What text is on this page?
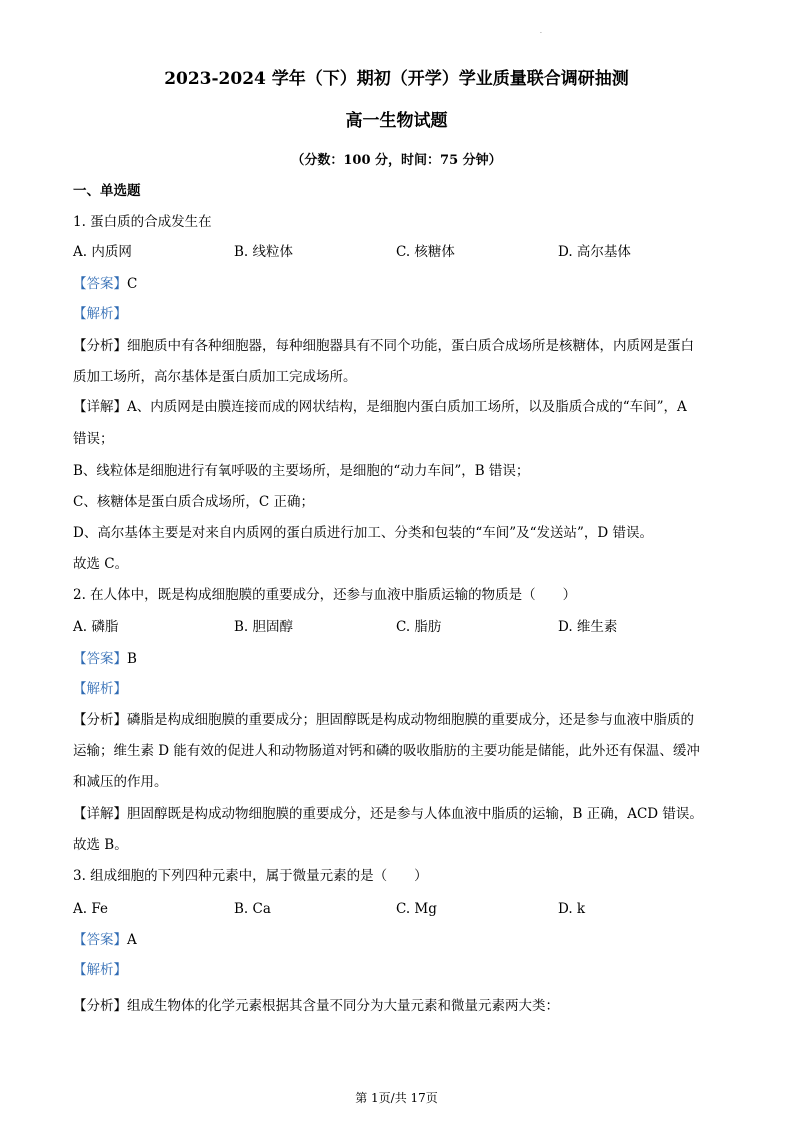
·
2023-2024 学年（下）期初（开学）学业质量联合调研抽测
高一生物试题
（分数：100 分，时间：75 分钟）
一、单选题
1. 蛋白质的合成发生在
A. 内质网	B. 线粒体	C. 核糖体	D. 高尔基体
【答案】C
【解析】
【分析】细胞质中有各种细胞器，每种细胞器具有不同个功能，蛋白质合成场所是核糖体，内质网是蛋白
质加工场所，高尔基体是蛋白质加工完成场所。
【详解】A、内质网是由膜连接而成的网状结构，是细胞内蛋白质加工场所，以及脂质合成的“车间”，A
错误；
B、线粒体是细胞进行有氧呼吸的主要场所，是细胞的“动力车间”，B 错误；
C、核糖体是蛋白质合成场所，C 正确；
D、高尔基体主要是对来自内质网的蛋白质进行加工、分类和包装的“车间”及“发送站”，D 错误。
故选 C。
2. 在人体中，既是构成细胞膜的重要成分，还参与血液中脂质运输的物质是（　　）
A. 磷脂	B. 胆固醇	C. 脂肪	D. 维生素
【答案】B
【解析】
【分析】磷脂是构成细胞膜的重要成分；胆固醇既是构成动物细胞膜的重要成分，还是参与血液中脂质的
运输；维生素 D 能有效的促进人和动物肠道对钙和磷的吸收脂肪的主要功能是储能，此外还有保温、缓冲
和减压的作用。
【详解】胆固醇既是构成动物细胞膜的重要成分，还是参与人体血液中脂质的运输，B 正确，ACD 错误。
故选 B。
3. 组成细胞的下列四种元素中，属于微量元素的是（　　）
A. Fe	B. Ca	C. Mg	D. k
【答案】A
【解析】
【分析】组成生物体的化学元素根据其含量不同分为大量元素和微量元素两大类：
第 1页/共 17页
